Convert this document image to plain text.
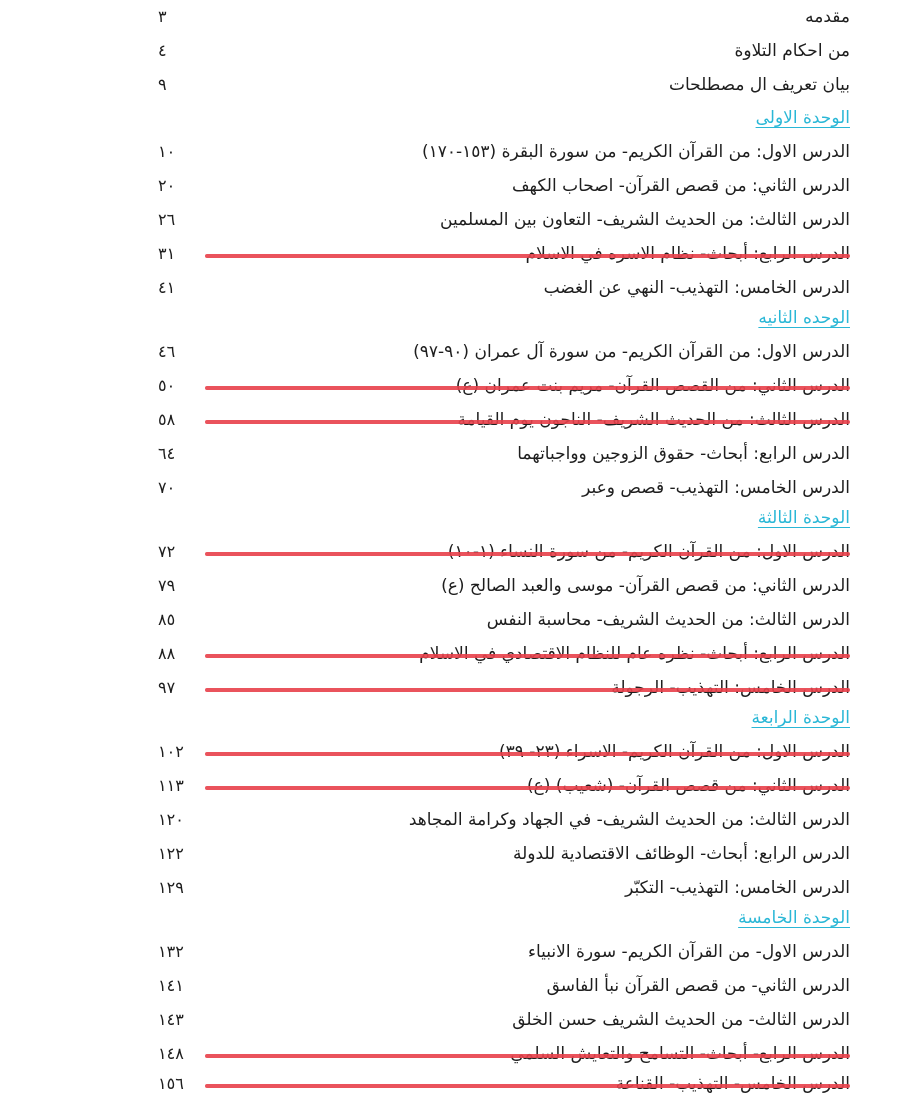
مقدمه
٣
من احكام التلاوة
٤
بيان تعريف ال مصطلحات
٩
الوحدة الاولى
الدرس الاول: من القرآن الكريم- من سورة البقرة (١٥٣-١٧٠)
١٠
الدرس الثاني: من قصص القرآن- اصحاب الكهف
٢٠
الدرس الثالث: من الحديث الشريف- التعاون بين المسلمين
٢٦
٣١
الدرس الخامس: التهذيب- النهي عن الغضب
٤١
الوحده الثانيه
الدرس الاول: من القرآن الكريم- من سورة آل عمران (٩٠-٩٧)
٤٦
٥٠
٥٨
الدرس الرابع: أبحاث- حقوق الزوجين وواجباتهما
٦٤
الدرس الخامس: التهذيب- قصص وعبر
٧٠
الوحدة الثالثة
٧٢
الدرس الثاني: من قصص القرآن- موسى والعبد الصالح (ع)
٧٩
الدرس الثالث: من الحديث الشريف- محاسبة النفس
٨٥
٨٨
٩٧
الوحدة الرابعة
١٠٢
١١٣
الدرس الثالث: من الحديث الشريف- في الجهاد وكرامة المجاهد
١٢٠
الدرس الرابع: أبحاث- الوظائف الاقتصادية للدولة
١٢٢
الدرس الخامس: التهذيب- التكبّر
١٢٩
الوحدة الخامسة
الدرس الاول- من القرآن الكريم- سورة الانبياء
١٣٢
الدرس الثاني- من قصص القرآن نبأ الفاسق
١٤١
الدرس الثالث- من الحديث الشريف حسن الخلق
١٤٣
١٤٨
١٥٦
